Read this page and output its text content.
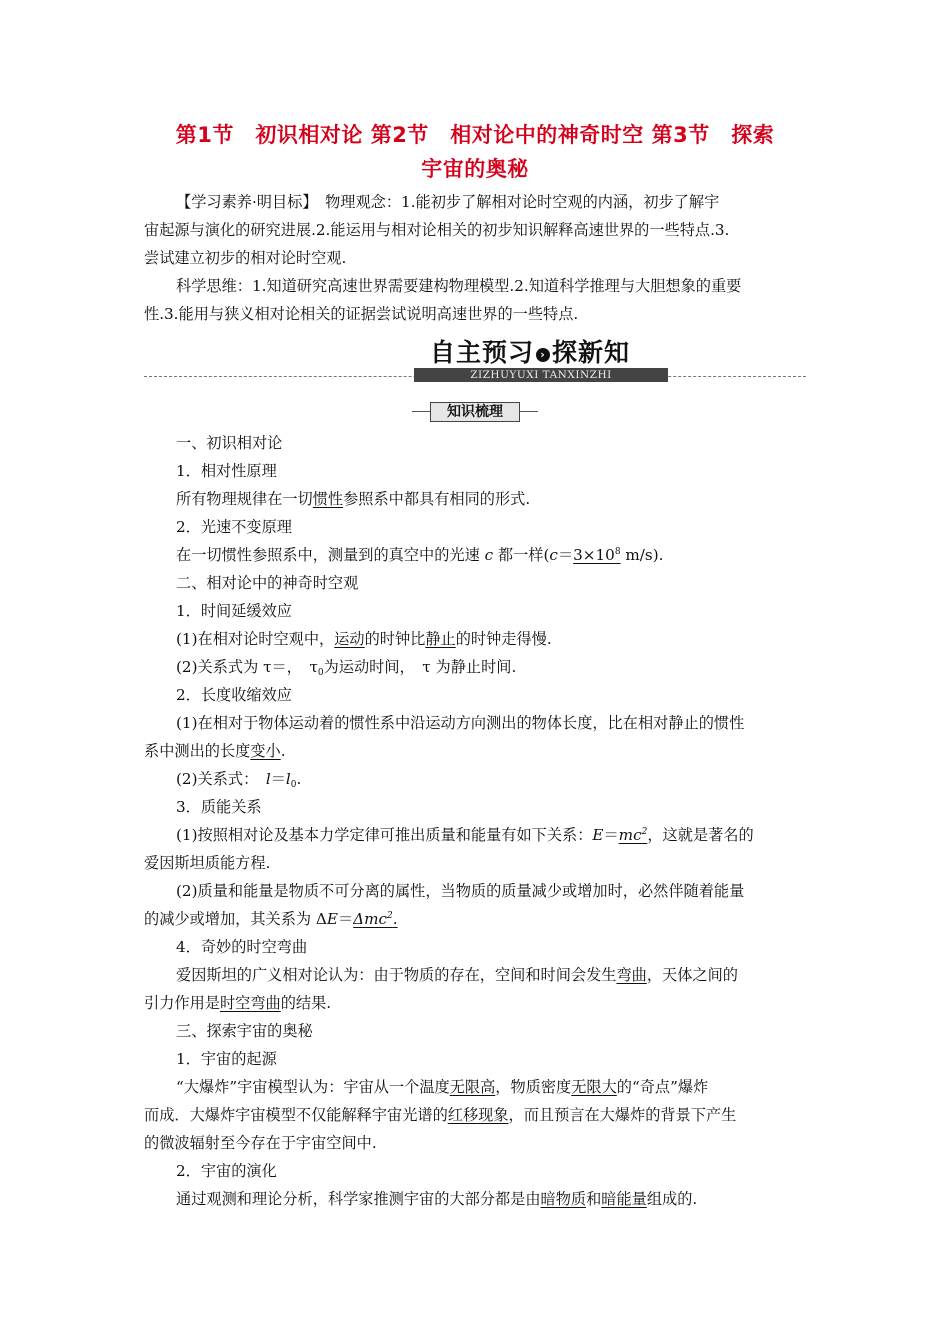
第1节　初识相对论 第2节　相对论中的神奇时空 第3节　探索
宇宙的奥秘
【学习素养·明目标】　物理观念：1.能初步了解相对论时空观的内涵，初步了解宇
宙起源与演化的研究进展.2.能运用与相对论相关的初步知识解释高速世界的一些特点.3.
尝试建立初步的相对论时空观.
科学思维：1.知道研究高速世界需要建构物理模型.2.知道科学推理与大胆想象的重要
性.3.能用与狭义相对论相关的证据尝试说明高速世界的一些特点.
自主预习 › 探新知
ZIZHUYUXI TANXINZHI
知识梳理
一、初识相对论
1．相对性原理
所有物理规律在一切惯性参照系中都具有相同的形式.
2．光速不变原理
在一切惯性参照系中，测量到的真空中的光速 c 都一样($c=3\times 10^8$ m/s).
二、相对论中的神奇时空观
1．时间延缓效应
(1)在相对论时空观中，运动的时钟比静止的时钟走得慢.
(2)关系式为 τ＝，　$\tau_0$为运动时间，　τ 为静止时间.
2．长度收缩效应
(1)在相对于物体运动着的惯性系中沿运动方向测出的物体长度，比在相对静止的惯性
系中测出的长度变小.
(2)关系式：　$l=l_0$.
3．质能关系
(1)按照相对论及基本力学定律可推出质量和能量有如下关系：$E=mc^2$，这就是著名的
爱因斯坦质能方程.
(2)质量和能量是物质不可分离的属性，当物质的质量减少或增加时，必然伴随着能量
的减少或增加，其关系为 ΔE＝Δmc$^2$.
4．奇妙的时空弯曲
爱因斯坦的广义相对论认为：由于物质的存在，空间和时间会发生弯曲，天体之间的
引力作用是时空弯曲的结果.
三、探索宇宙的奥秘
1．宇宙的起源
“大爆炸”宇宙模型认为：宇宙从一个温度无限高，物质密度无限大的“奇点”爆炸
而成．大爆炸宇宙模型不仅能解释宇宙光谱的红移现象，而且预言在大爆炸的背景下产生
的微波辐射至今存在于宇宙空间中.
2．宇宙的演化
通过观测和理论分析，科学家推测宇宙的大部分都是由暗物质和暗能量组成的.
